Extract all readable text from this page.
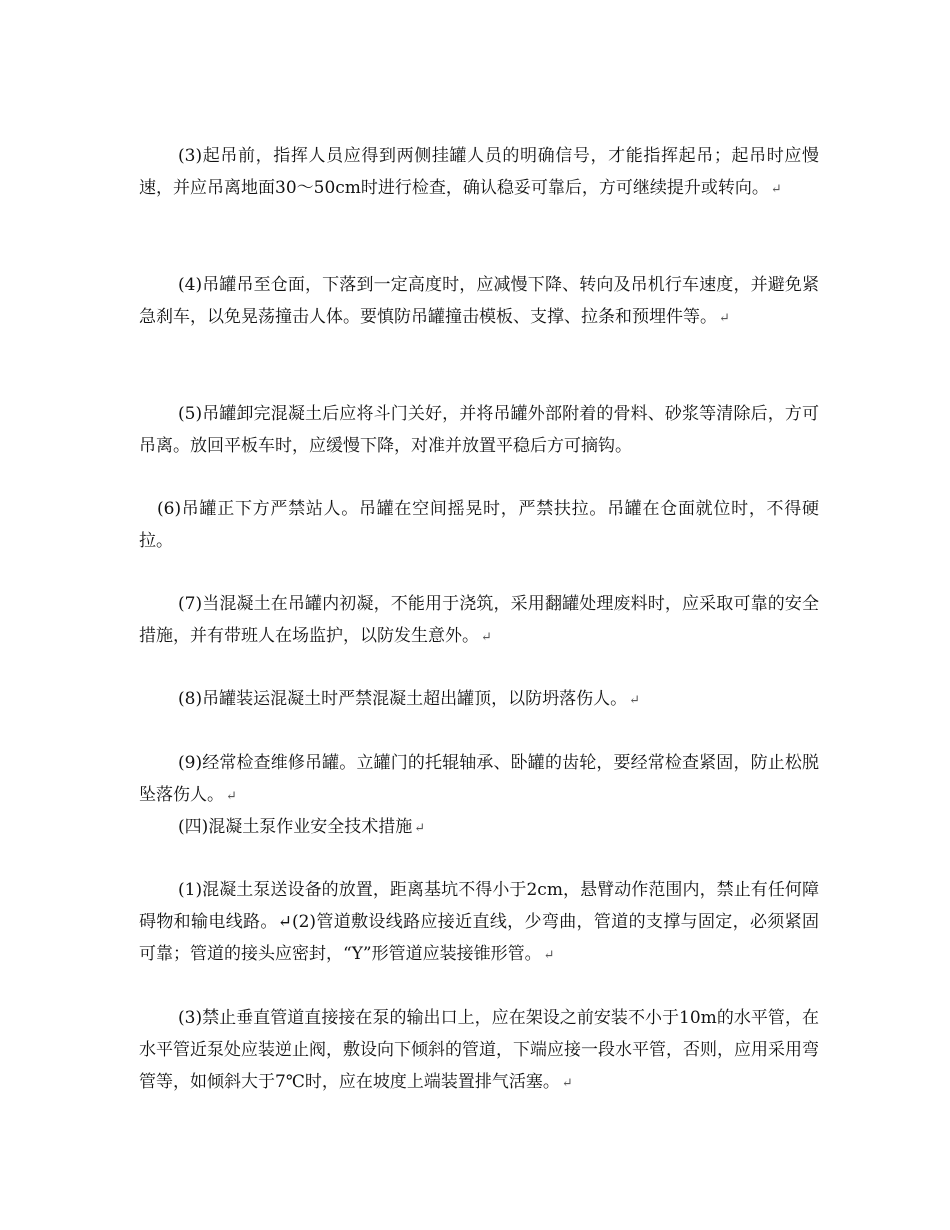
(3)起吊前，指挥人员应得到两侧挂罐人员的明确信号，才能指挥起吊；起吊时应慢速，并应吊离地面30～50cm时进行检查，确认稳妥可靠后，方可继续提升或转向。 ↵

(4)吊罐吊至仓面，下落到一定高度时，应减慢下降、转向及吊机行车速度，并避免紧急刹车，以免晃荡撞击人体。要慎防吊罐撞击模板、支撑、拉条和预埋件等。 ↵

(5)吊罐卸完混凝土后应将斗门关好，并将吊罐外部附着的骨料、砂浆等清除后，方可吊离。放回平板车时，应缓慢下降，对准并放置平稳后方可摘钩。

(6)吊罐正下方严禁站人。吊罐在空间摇晃时，严禁扶拉。吊罐在仓面就位时，不得硬拉。

(7)当混凝土在吊罐内初凝，不能用于浇筑，采用翻罐处理废料时，应采取可靠的安全措施，并有带班人在场监护，以防发生意外。 ↵

(8)吊罐装运混凝土时严禁混凝土超出罐顶，以防坍落伤人。 ↵

(9)经常检查维修吊罐。立罐门的托辊轴承、卧罐的齿轮，要经常检查紧固，防止松脱坠落伤人。 ↵

(四)混凝土泵作业安全技术措施 ↵

(1)混凝土泵送设备的放置，距离基坑不得小于2cm，悬臂动作范围内，禁止有任何障碍物和输电线路。↵(2)管道敷设线路应接近直线，少弯曲，管道的支撑与固定，必须紧固可靠；管道的接头应密封，“Y”形管道应装接锥形管。 ↵

(3)禁止垂直管道直接接在泵的输出口上，应在架设之前安装不小于10m的水平管，在水平管近泵处应装逆止阀，敷设向下倾斜的管道，下端应接一段水平管，否则，应用采用弯管等，如倾斜大于7℃时，应在坡度上端装置排气活塞。 ↵
